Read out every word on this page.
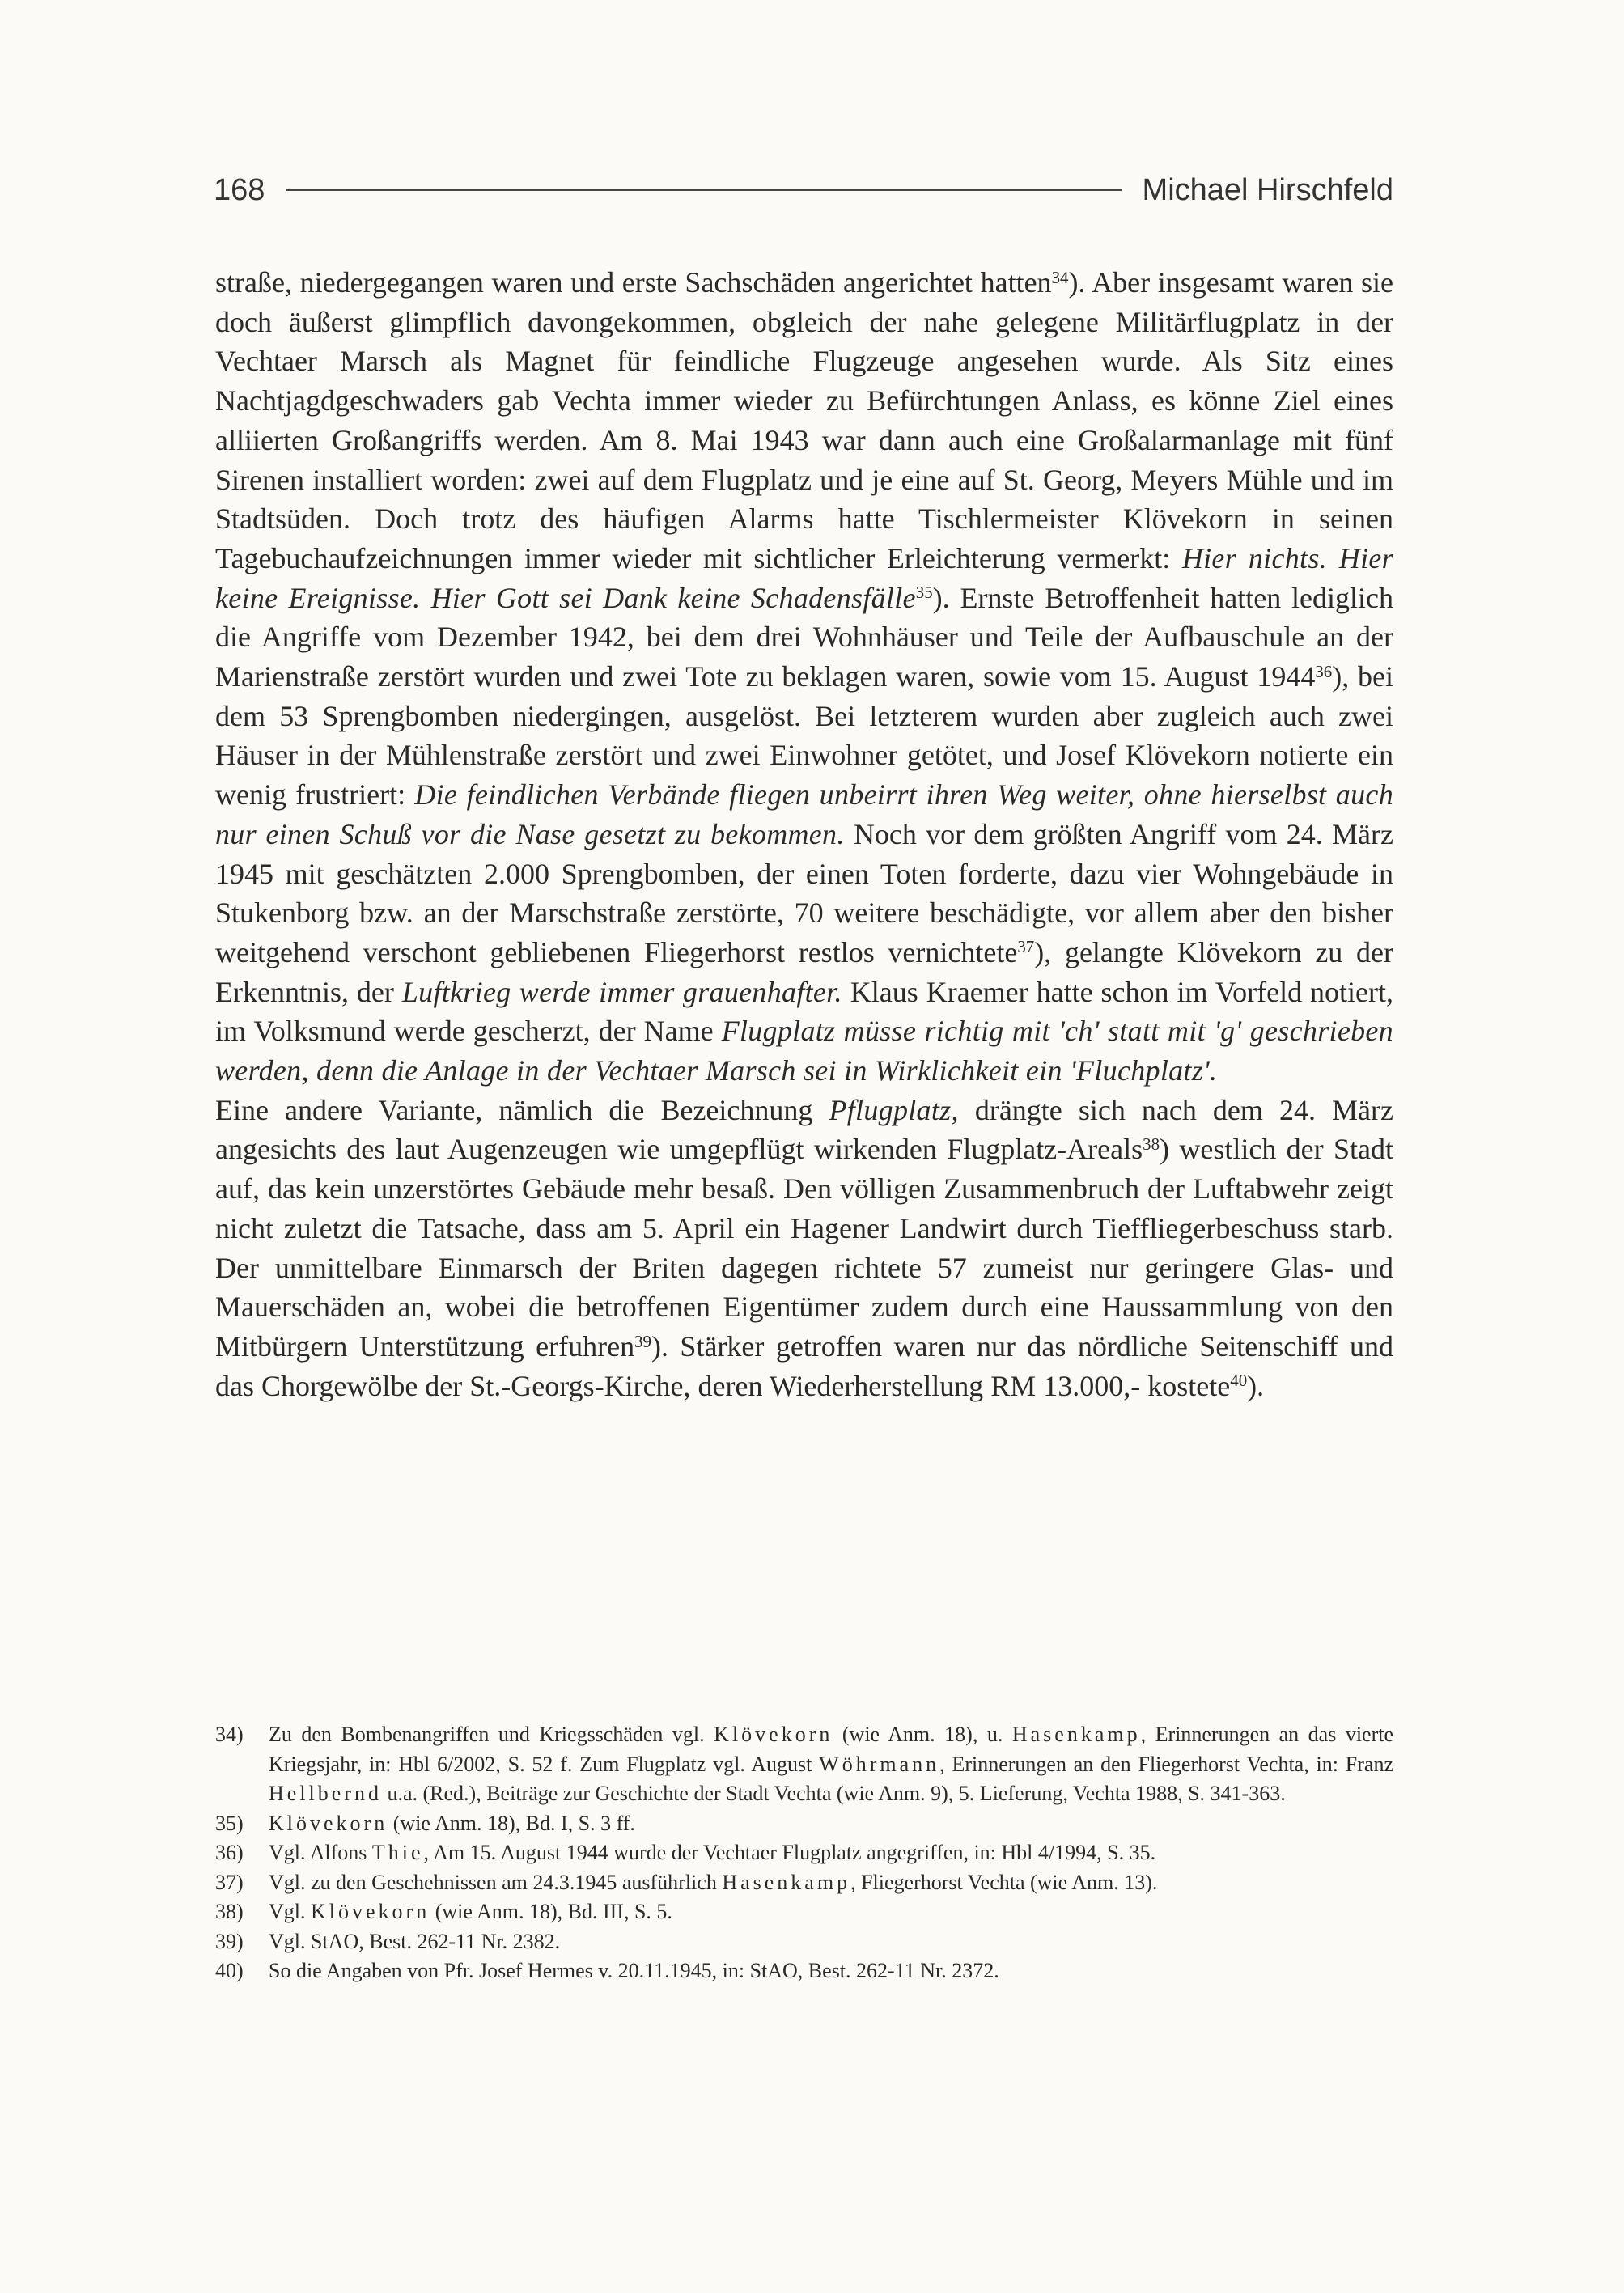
168	Michael Hirschfeld

straße, niedergegangen waren und erste Sachschäden angerichtet hatten$^{34}$). Aber insgesamt waren sie doch äußerst glimpflich davongekommen, obgleich der nahe gelegene Militärflugplatz in der Vechtaer Marsch als Magnet für feindliche Flugzeuge angesehen wurde. Als Sitz eines Nachtjagdgeschwaders gab Vechta immer wieder zu Befürchtungen Anlass, es könne Ziel eines alliierten Großangriffs werden. Am 8. Mai 1943 war dann auch eine Großalarmanlage mit fünf Sirenen installiert worden: zwei auf dem Flugplatz und je eine auf St. Georg, Meyers Mühle und im Stadtsüden. Doch trotz des häufigen Alarms hatte Tischlermeister Klövekorn in seinen Tagebuchaufzeichnungen immer wieder mit sichtlicher Erleichterung vermerkt: Hier nichts. Hier keine Ereignisse. Hier Gott sei Dank keine Schadensfälle$^{35}$). Ernste Betroffenheit hatten lediglich die Angriffe vom Dezember 1942, bei dem drei Wohnhäuser und Teile der Aufbauschule an der Marienstraße zerstört wurden und zwei Tote zu beklagen waren, sowie vom 15. August 1944$^{36}$), bei dem 53 Sprengbomben niedergingen, ausgelöst. Bei letzterem wurden aber zugleich auch zwei Häuser in der Mühlenstraße zerstört und zwei Einwohner getötet, und Josef Klövekorn notierte ein wenig frustriert: Die feindlichen Verbände fliegen unbeirrt ihren Weg weiter, ohne hierselbst auch nur einen Schuß vor die Nase gesetzt zu bekommen. Noch vor dem größten Angriff vom 24. März 1945 mit geschätzten 2.000 Sprengbomben, der einen Toten forderte, dazu vier Wohngebäude in Stukenborg bzw. an der Marschstraße zerstörte, 70 weitere beschädigte, vor allem aber den bisher weitgehend verschont gebliebenen Fliegerhorst restlos vernichtete$^{37}$), gelangte Klövekorn zu der Erkenntnis, der Luftkrieg werde immer grauenhafter. Klaus Kraemer hatte schon im Vorfeld notiert, im Volksmund werde gescherzt, der Name Flugplatz müsse richtig mit 'ch' statt mit 'g' geschrieben werden, denn die Anlage in der Vechtaer Marsch sei in Wirklichkeit ein 'Fluchplatz'.

Eine andere Variante, nämlich die Bezeichnung Pflugplatz, drängte sich nach dem 24. März angesichts des laut Augenzeugen wie umgepflügt wirkenden Flugplatz-Areals$^{38}$) westlich der Stadt auf, das kein unzerstörtes Gebäude mehr besaß. Den völligen Zusammenbruch der Luftabwehr zeigt nicht zuletzt die Tatsache, dass am 5. April ein Hagener Landwirt durch Tieffliegerbeschuss starb. Der unmittelbare Einmarsch der Briten dagegen richtete 57 zumeist nur geringere Glas- und Mauerschäden an, wobei die betroffenen Eigentümer zudem durch eine Haussammlung von den Mitbürgern Unterstützung erfuhren$^{39}$). Stärker getroffen waren nur das nördliche Seitenschiff und das Chorgewölbe der St.-Georgs-Kirche, deren Wiederherstellung RM 13.000,- kostete$^{40}$).

34)	Zu den Bombenangriffen und Kriegsschäden vgl. Klövekorn (wie Anm. 18), u. Hasenkamp, Erinnerungen an das vierte Kriegsjahr, in: Hbl 6/2002, S. 52 f. Zum Flugplatz vgl. August Wöhrmann, Erinnerungen an den Fliegerhorst Vechta, in: Franz Hellbernd u.a. (Red.), Beiträge zur Geschichte der Stadt Vechta (wie Anm. 9), 5. Lieferung, Vechta 1988, S. 341-363.
35)	Klövekorn (wie Anm. 18), Bd. I, S. 3 ff.
36)	Vgl. Alfons Thie, Am 15. August 1944 wurde der Vechtaer Flugplatz angegriffen, in: Hbl 4/1994, S. 35.
37)	Vgl. zu den Geschehnissen am 24.3.1945 ausführlich Hasenkamp, Fliegerhorst Vechta (wie Anm. 13).
38)	Vgl. Klövekorn (wie Anm. 18), Bd. III, S. 5.
39)	Vgl. StAO, Best. 262-11 Nr. 2382.
40)	So die Angaben von Pfr. Josef Hermes v. 20.11.1945, in: StAO, Best. 262-11 Nr. 2372.
